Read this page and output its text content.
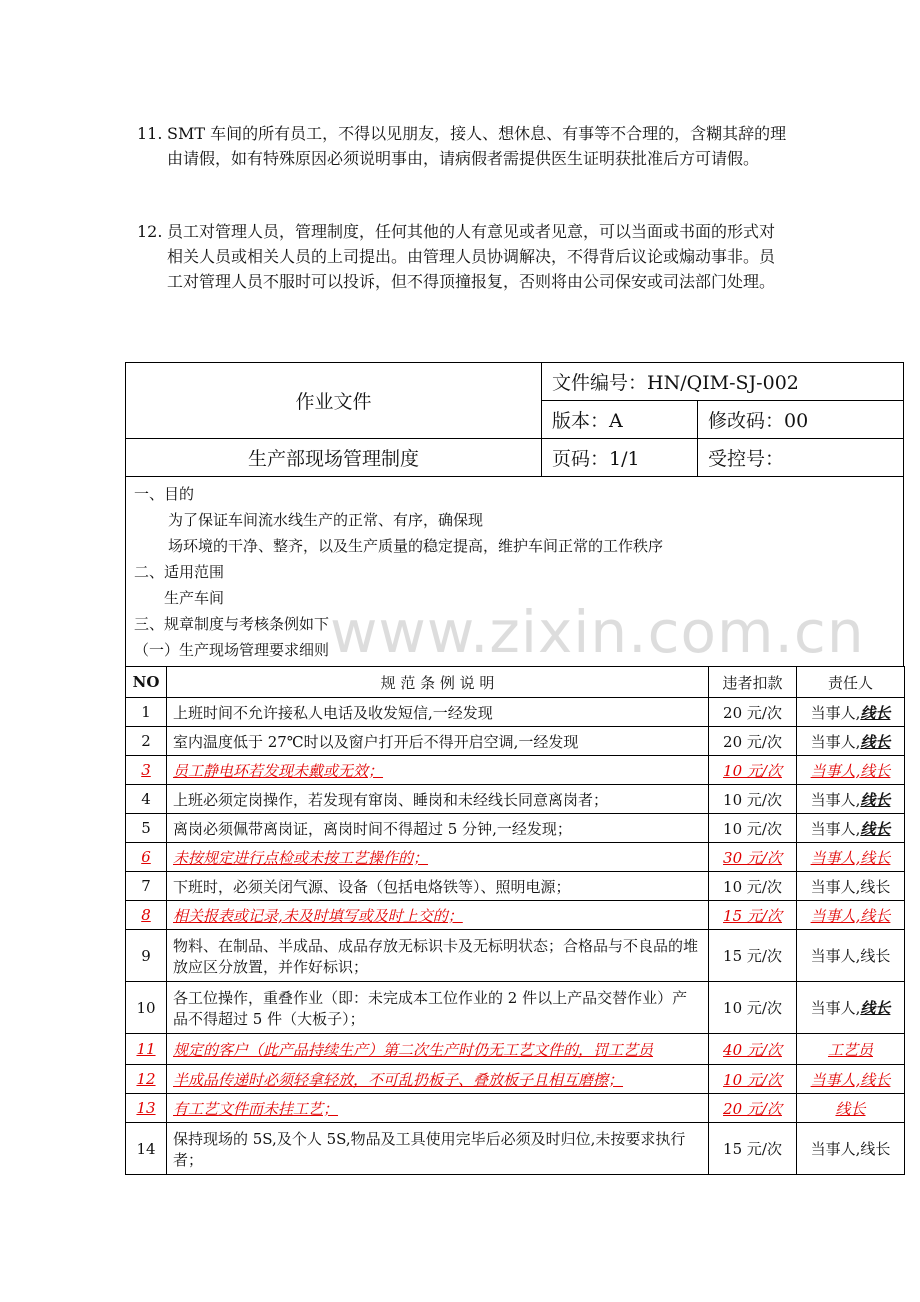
11. SMT 车间的所有员工，不得以见朋友，接人、想休息、有事等不合理的，含糊其辞的理由请假，如有特殊原因必须说明事由，请病假者需提供医生证明获批准后方可请假。
12. 员工对管理人员，管理制度，任何其他的人有意见或者见意，可以当面或书面的形式对相关人员或相关人员的上司提出。由管理人员协调解决，不得背后议论或煽动事非。员工对管理人员不服时可以投诉，但不得顶撞报复，否则将由公司保安或司法部门处理。
作业文件	文件编号：HN/QIM-SJ-002	
	版本：A	修改码：00
生产部现场管理制度	页码：1/1	受控号：
一、目的
为了保证车间流水线生产的正常、有序，确保现
场环境的干净、整齐，以及生产质量的稳定提高，维护车间正常的工作秩序
二、适用范围
生产车间
三、规章制度与考核条例如下
（一）生产现场管理要求细则 www.zixin.com.cn
NO	规 范 条 例 说 明	违者扣款	责任人
1	上班时间不允许接私人电话及收发短信,一经发现	20 元/次	当事人,线长
2	室内温度低于 27℃时以及窗户打开后不得开启空调,一经发现	20 元/次	当事人,线长
3	员工静电环若发现未戴或无效；	10 元/次	当事人,线长
4	上班必须定岗操作，若发现有窜岗、睡岗和未经线长同意离岗者；	10 元/次	当事人,线长
5	离岗必须佩带离岗证，离岗时间不得超过 5 分钟,一经发现；	10 元/次	当事人,线长
6	未按规定进行点检或未按工艺操作的；	30 元/次	当事人,线长
7	下班时，必须关闭气源、设备（包括电烙铁等）、照明电源；	10 元/次	当事人,线长
8	相关报表或记录,未及时填写或及时上交的；	15 元/次	当事人,线长
9	物料、在制品、半成品、成品存放无标识卡及无标明状态；合格品与不良品的堆放应区分放置，并作好标识；	15 元/次	当事人,线长
10	各工位操作，重叠作业（即：未完成本工位作业的 2 件以上产品交替作业）产品不得超过 5 件（大板子）；	10 元/次	当事人,线长
11	规定的客户（此产品持续生产）第二次生产时仍无工艺文件的，罚工艺员	40 元/次	工艺员
12	半成品传递时必须轻拿轻放，不可乱扔板子、叠放板子且相互磨擦；	10 元/次	当事人,线长
13	有工艺文件而未挂工艺；	20 元/次	线长
14	保持现场的 5S,及个人 5S,物品及工具使用完毕后必须及时归位,未按要求执行者；	15 元/次	当事人,线长
